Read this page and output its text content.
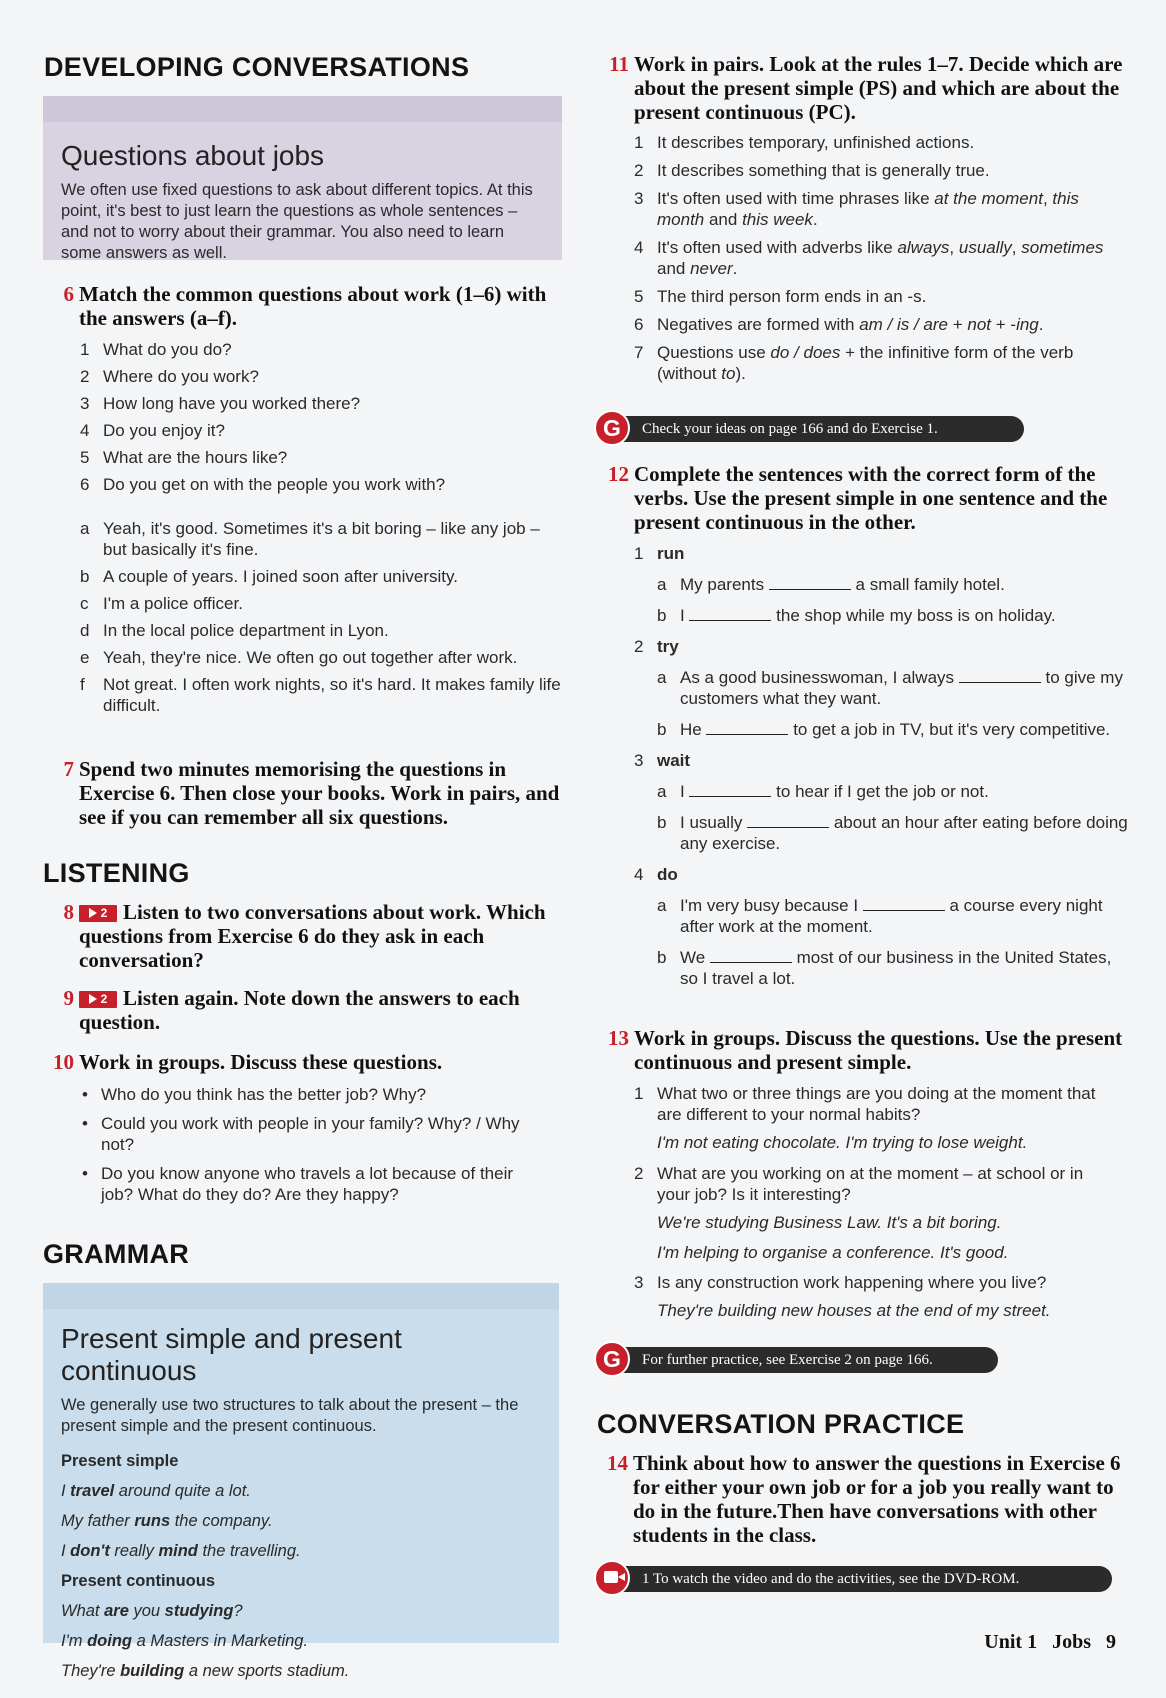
DEVELOPING CONVERSATIONS
Questions about jobs
We often use fixed questions to ask about different topics. At this point, it's best to just learn the questions as whole sentences – and not to worry about their grammar. You also need to learn some answers as well.
6 Match the common questions about work (1–6) with the answers (a–f).
1 What do you do?
2 Where do you work?
3 How long have you worked there?
4 Do you enjoy it?
5 What are the hours like?
6 Do you get on with the people you work with?
a Yeah, it's good. Sometimes it's a bit boring – like any job – but basically it's fine.
b A couple of years. I joined soon after university.
c I'm a police officer.
d In the local police department in Lyon.
e Yeah, they're nice. We often go out together after work.
f Not great. I often work nights, so it's hard. It makes family life difficult.
7 Spend two minutes memorising the questions in Exercise 6. Then close your books. Work in pairs, and see if you can remember all six questions.
LISTENING
8	2 Listen to two conversations about work. Which questions from Exercise 6 do they ask in each conversation?
9	2 Listen again. Note down the answers to each question.
10 Work in groups. Discuss these questions.
• Who do you think has the better job? Why?
• Could you work with people in your family? Why? / Why not?
• Do you know anyone who travels a lot because of their job? What do they do? Are they happy?
GRAMMAR
Present simple and present continuous
We generally use two structures to talk about the present – the present simple and the present continuous.
Present simple
I travel around quite a lot.
My father runs the company.
I don't really mind the travelling.
Present continuous
What are you studying?
I'm doing a Masters in Marketing.
They're building a new sports stadium.
11 Work in pairs. Look at the rules 1–7. Decide which are about the present simple (PS) and which are about the present continuous (PC).
1 It describes temporary, unfinished actions.
2 It describes something that is generally true.
3 It's often used with time phrases like at the moment, this month and this week.
4 It's often used with adverbs like always, usually, sometimes and never.
5 The third person form ends in an -s.
6 Negatives are formed with am / is / are + not + -ing.
7 Questions use do / does + the infinitive form of the verb (without to).
G	Check your ideas on page 166 and do Exercise 1.
12 Complete the sentences with the correct form of the verbs. Use the present simple in one sentence and the present continuous in the other.
1 run
a My parents	a small family hotel.
b I	the shop while my boss is on holiday.
2 try
a As a good businesswoman, I always	to give my customers what they want.
b He	to get a job in TV, but it's very competitive.
3 wait
a I	to hear if I get the job or not.
b I usually	about an hour after eating before doing any exercise.
4 do
a I'm very busy because I	a course every night after work at the moment.
b We	most of our business in the United States, so I travel a lot.
13 Work in groups. Discuss the questions. Use the present continuous and present simple.
1 What two or three things are you doing at the moment that are different to your normal habits?
I'm not eating chocolate. I'm trying to lose weight.
2 What are you working on at the moment – at school or in your job? Is it interesting?
We're studying Business Law. It's a bit boring.
I'm helping to organise a conference. It's good.
3 Is any construction work happening where you live?
They're building new houses at the end of my street.
G	For further practice, see Exercise 2 on page 166.
CONVERSATION PRACTICE
14 Think about how to answer the questions in Exercise 6 for either your own job or for a job you really want to do in the future.Then have conversations with other students in the class.
1 To watch the video and do the activities, see the DVD-ROM.
Unit 1 Jobs 9
